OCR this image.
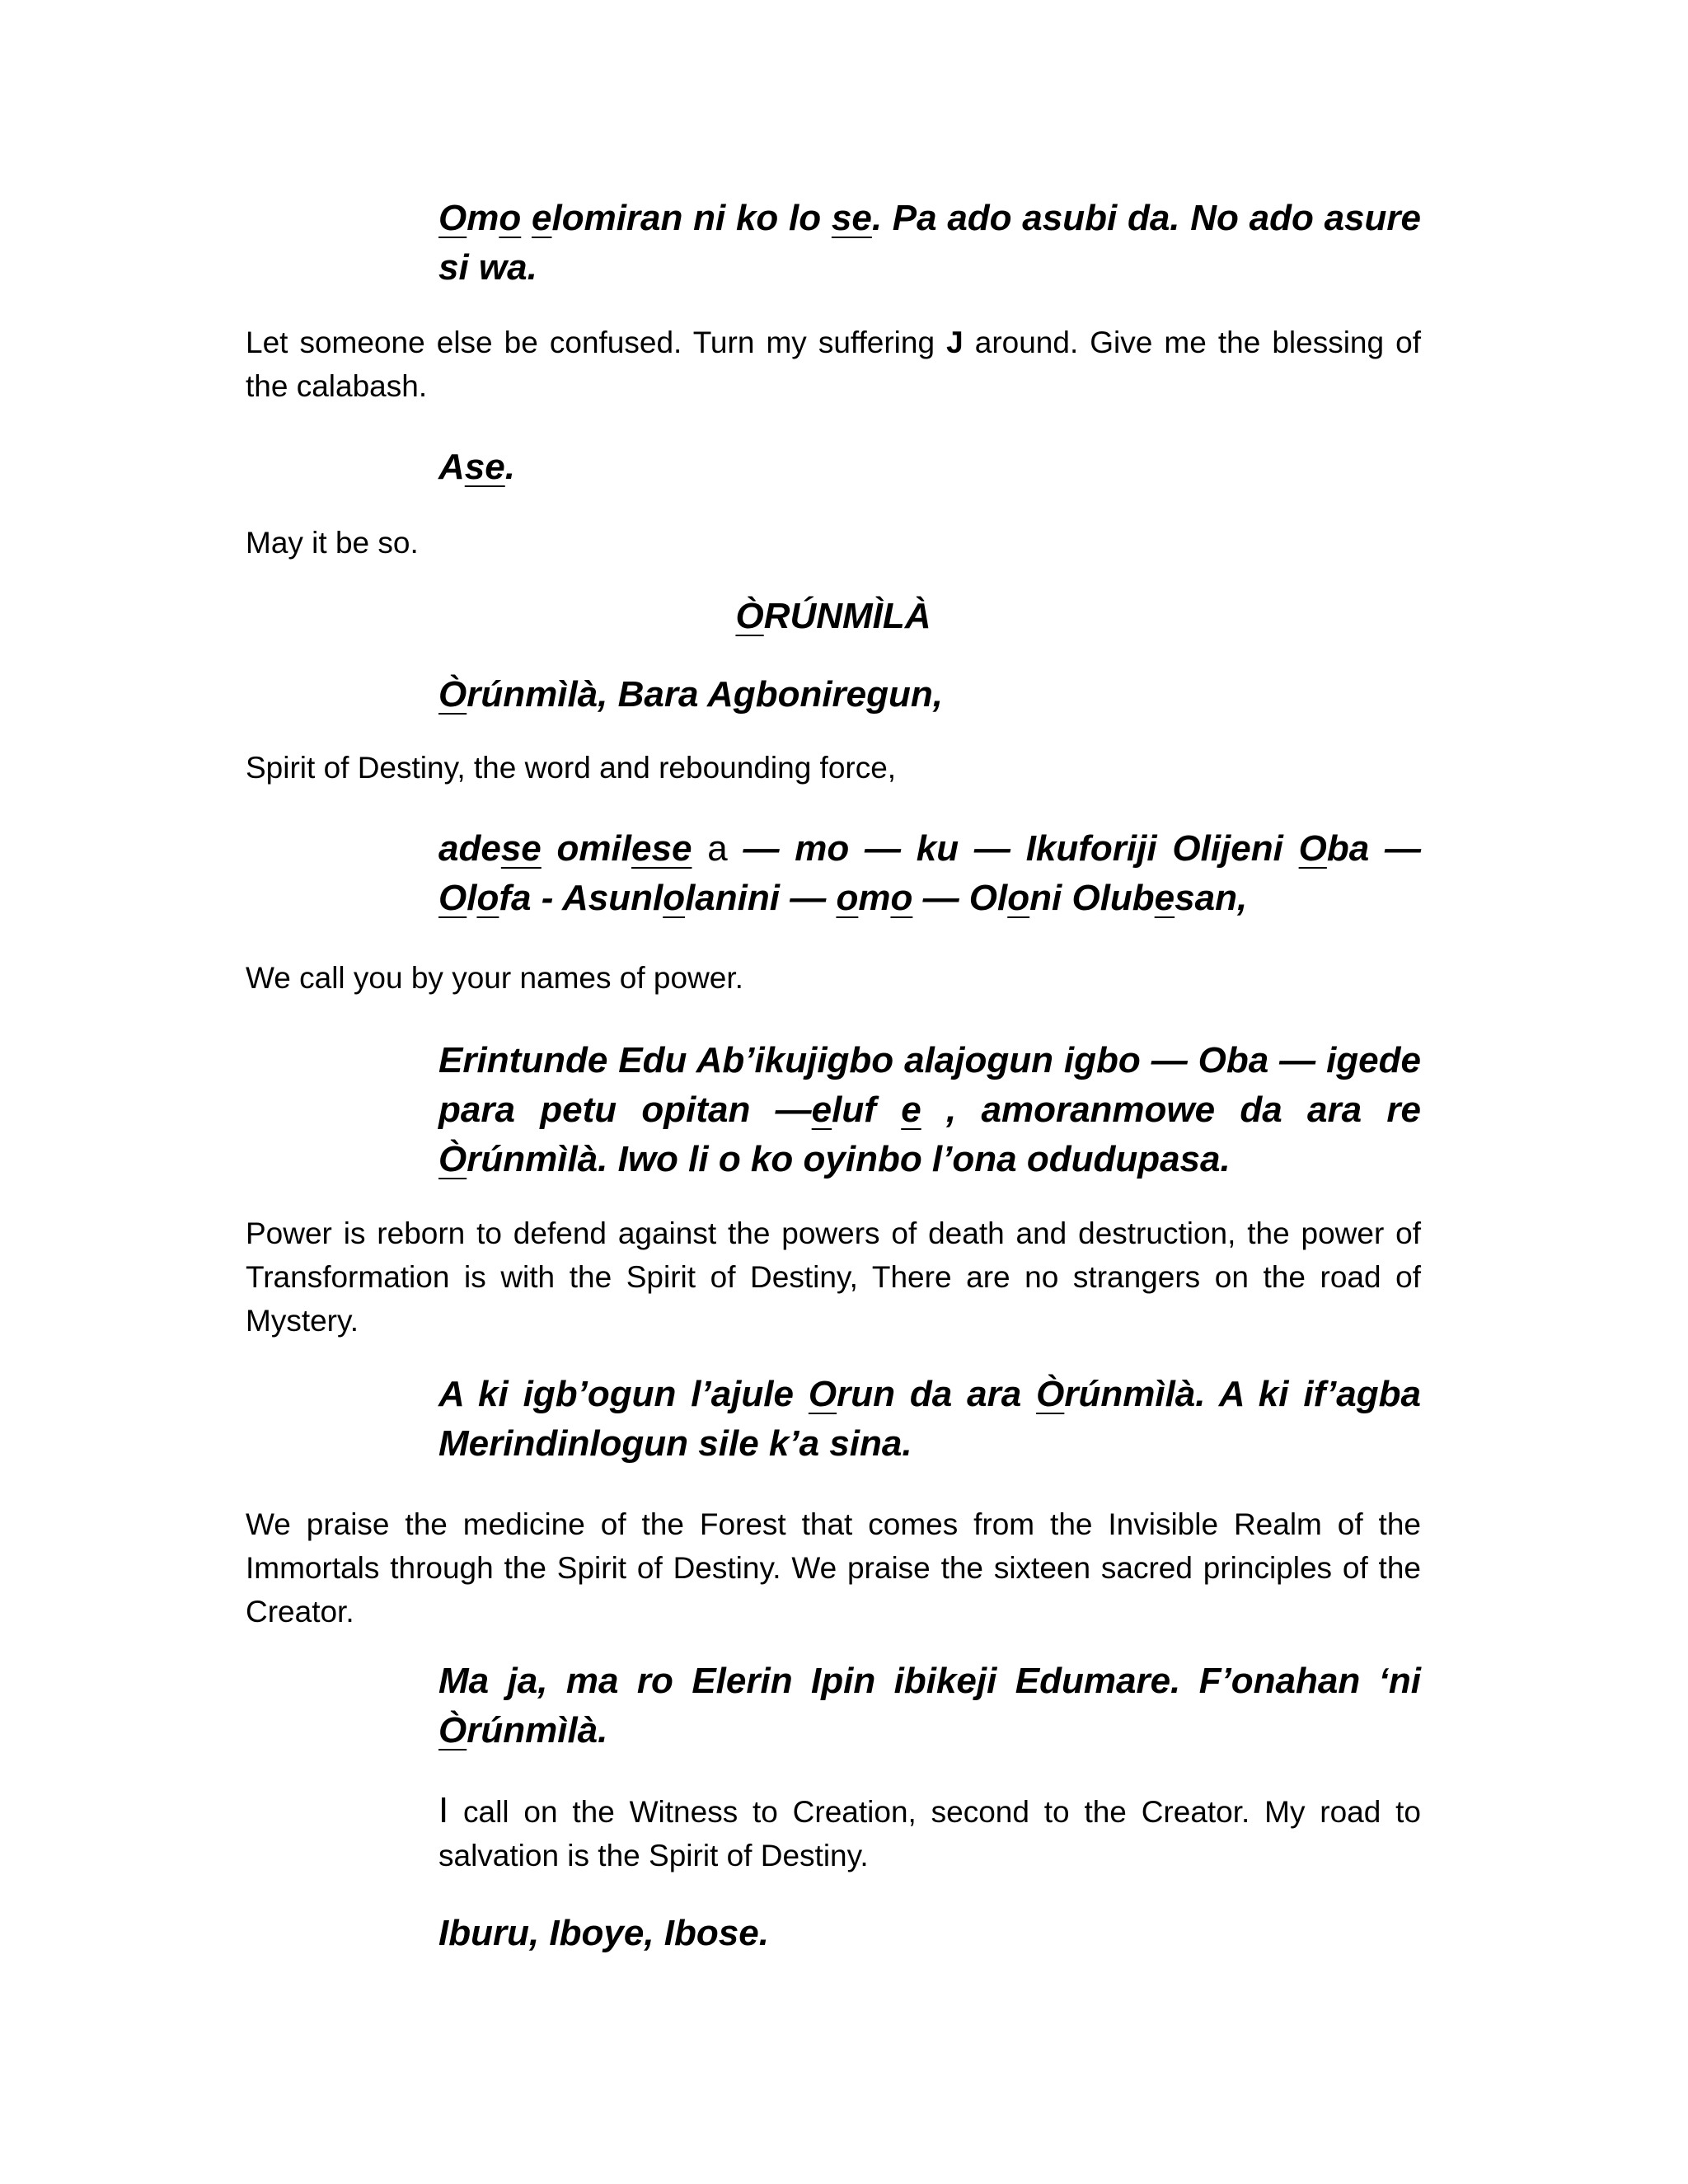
Omo elomiran ni ko lo se. Pa ado asubi da. No ado asure si wa.

Let someone else be confused. Turn my suffering J around. Give me the blessing of the calabash.

Ase.

May it be so.

ÒRÚNMÌLÀ

Òrúnmìlà, Bara Agboniregun,

Spirit of Destiny, the word and rebounding force,

adese omilese a — mo — ku — Ikuforiji Olijeni Oba — Olofa - Asunlolanini — omo — Oloni Olubesan,

We call you by your names of power.

Erintunde Edu Ab’ikujigbo alajogun igbo — Oba — igede para petu opitan —eluf e , amoranmowe da ara re Òrúnmìlà. Iwo li o ko oyinbo l’ona odudupasa.

Power is reborn to defend against the powers of death and destruction, the power of Transformation is with the Spirit of Destiny, There are no strangers on the road of Mystery.

A ki igb’ogun l’ajule Orun da ara Òrúnmìlà. A ki if’agba Merindinlogun sile k’a sina.

We praise the medicine of the Forest that comes from the Invisible Realm of the Immortals through the Spirit of Destiny. We praise the sixteen sacred principles of the Creator.

Ma ja, ma ro Elerin Ipin ibikeji Edumare. F’onahan ‘ni Òrúnmìlà.

I call on the Witness to Creation, second to the Creator. My road to salvation is the Spirit of Destiny.

Iburu, Iboye, Ibose.
